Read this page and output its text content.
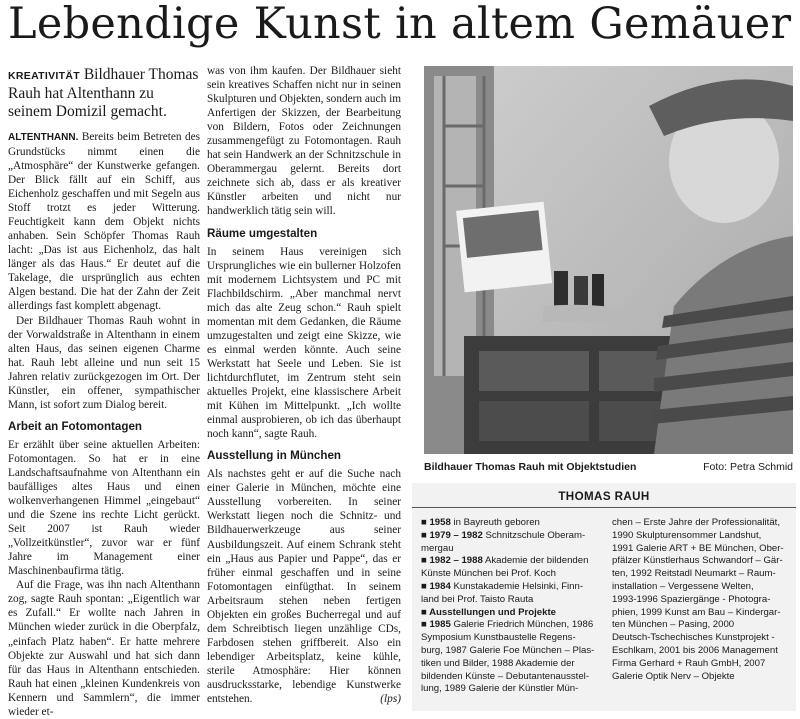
Lebendige Kunst in altem Gemäuer
KREATIVITÄT Bildhauer Thomas Rauh hat Altenthann zu seinem Domizil gemacht.

ALTENTHANN. Bereits beim Betreten des Grundstücks nimmt einen die „Atmosphäre“ der Kunstwerke gefangen. Der Blick fällt auf ein Schiff, aus Eichenholz geschaffen und mit Segeln aus Stoff trotzt es jeder Witterung. Feuchtigkeit kann dem Objekt nichts anhaben. Sein Schöpfer Thomas Rauh lacht: „Das ist aus Eichenholz, das halt länger als das Haus.“ Er deutet auf die Takelage, die ursprünglich aus echten Algen bestand. Die hat der Zahn der Zeit allerdings fast komplett abgenagt.

Der Bildhauer Thomas Rauh wohnt in der Vorwaldstraße in Altenthann in einem alten Haus, das seinen eigenen Charme hat. Rauh lebt alleine und nun seit 15 Jahren relativ zurückgezogen im Ort. Der Künstler, ein offener, sympathischer Mann, ist sofort zum Dialog bereit.

Arbeit an Fotomontagen

Er erzählt über seine aktuellen Arbeiten: Fotomontagen. So hat er in eine Landschaftsaufnahme von Altenthann ein baufälliges altes Haus und einen wolkenverhangenen Himmel „eingebaut“ und die Szene ins rechte Licht gerückt. Seit 2007 ist Rauh wieder „Vollzeitkünstler“, zuvor war er fünf Jahre im Management einer Maschinenbaufirma tätig.

Auf die Frage, was ihn nach Altenthann zog, sagte Rauh spontan: „Eigentlich war es Zufall.“ Er wollte nach Jahren in München wieder zurück in die Oberpfalz, „einfach Platz haben“. Er hatte mehrere Objekte zur Auswahl und hat sich dann für das Haus in Altenthann entschieden. Rauh hat einen „kleinen Kundenkreis von Kennern und Sammlern“, die immer wieder et-

was von ihm kaufen. Der Bildhauer sieht sein kreatives Schaffen nicht nur in seinen Skulpturen und Objekten, sondern auch im Anfertigen der Skizzen, der Bearbeitung von Bildern, Fotos oder Zeichnungen zusammengefügt zu Fotomontagen. Rauh hat sein Handwerk an der Schnitzschule in Oberammergau gelernt. Bereits dort zeichnete sich ab, dass er als kreativer Künstler arbeiten und nicht nur handwerklich tätig sein will.

Räume umgestalten

In seinem Haus vereinigen sich Ursprungliches wie ein bullerner Holzofen mit modernem Lichtsystem und PC mit Flachbildschirm. „Aber manchmal nervt mich das alte Zeug schon.“ Rauh spielt momentan mit dem Gedanken, die Räume umzugestalten und zeigt eine Skizze, wie es einmal werden könnte. Auch seine Werkstatt hat Seele und Leben. Sie ist lichtdurchflutet, im Zentrum steht sein aktuelles Projekt, eine klassischere Arbeit mit Kühen im Mittelpunkt. „Ich wollte einmal ausprobieren, ob ich das überhaupt noch kann“, sagte Rauh.

Ausstellung in München

Als nachstes geht er auf die Suche nach einer Galerie in München, möchte eine Ausstellung vorbereiten. In seiner Werkstatt liegen noch die Schnitz- und Bildhauerwerkzeuge aus seiner Ausbildungszeit. Auf einem Schrank steht ein „Haus aus Papier und Pappe“, das er früher einmal geschaffen und in seine Fotomontagen einfügthat. In seinem Arbeitsraum stehen neben fertigen Objekten ein großes Bucherregal und auf dem Schreibtisch liegen unzählige CDs, Farbdosen stehen griffbereit. Also ein lebendiger Arbeitsplatz, keine kühle, sterile Atmosphäre: Hier können ausdrucksstarke, lebendige Kunstwerke entstehen.	(lps)

Bildhauer Thomas Rauh mit Objektstudien	Foto: Petra Schmid
THOMAS RAUH
■ 1958 in Bayreuth geboren
■ 1979 – 1982 Schnitzschule Oberam-
mergau
■ 1982 – 1988 Akademie der bildenden
Künste München bei Prof. Koch
■ 1984 Kunstakademie Helsinki, Finn-
land bei Prof. Taisto Rauta
■ Ausstellungen und Projekte
■ 1985 Galerie Friedrich München, 1986
Symposium Kunstbaustelle Regens-
burg, 1987 Galerie Foe München – Plas-
tiken und Bilder, 1988 Akademie der
bildenden Künste – Debutantenausstel-
lung, 1989 Galerie der Künstler Mün-
chen – Erste Jahre der Professionalität,
1990 Skulpturensommer Landshut,
1991 Galerie ART + BE München, Ober-
pfälzer Künstlerhaus Schwandorf – Gär-
ten, 1992 Reitstadl Neumarkt – Raum-
installation – Vergessene Welten,
1993-1996 Spaziergänge - Photogra-
phien, 1999 Kunst am Bau – Kindergar-
ten München – Pasing, 2000
Deutsch-Tschechisches Kunstprojekt -
Eschlkam, 2001 bis 2006 Management
Firma Gerhard + Rauh GmbH, 2007
Galerie Optik Nerv – Objekte
